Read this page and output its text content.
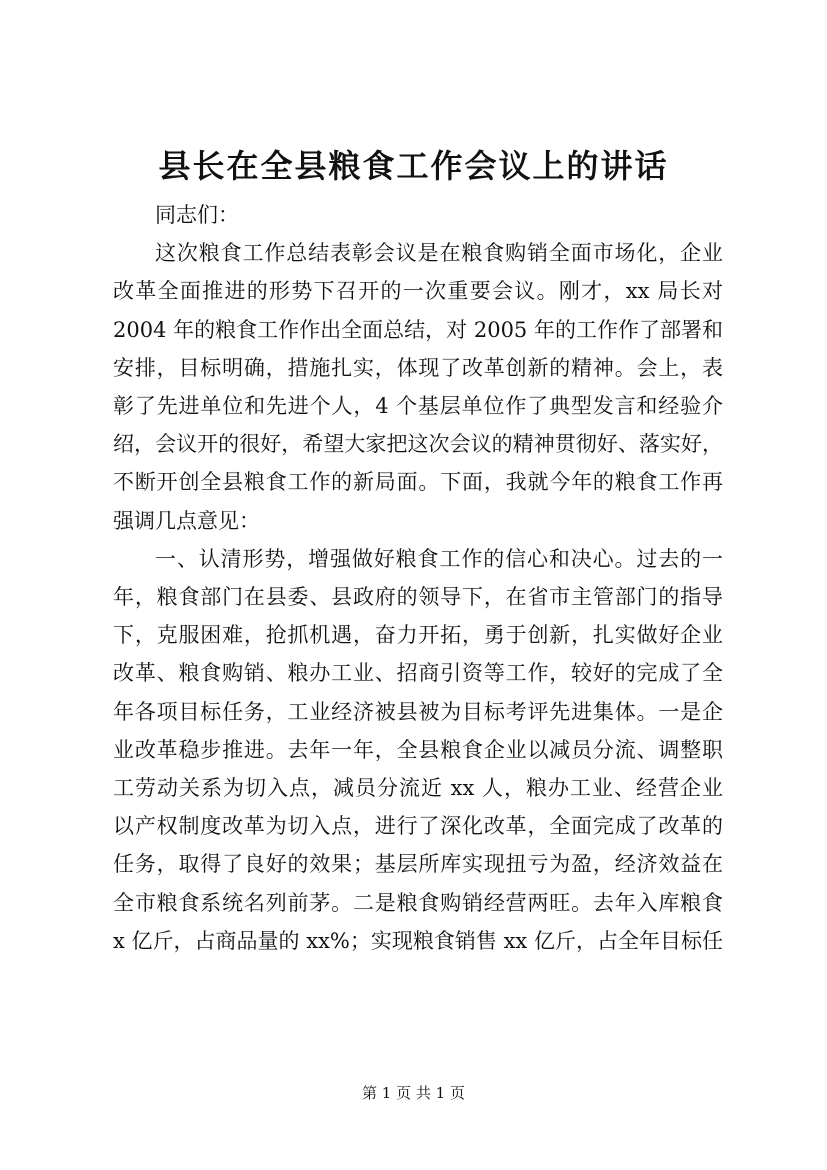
县长在全县粮食工作会议上的讲话

同志们：

这次粮食工作总结表彰会议是在粮食购销全面市场化，企业
改革全面推进的形势下召开的一次重要会议。刚才，xx 局长对
2004 年的粮食工作作出全面总结，对 2005 年的工作作了部署和
安排，目标明确，措施扎实，体现了改革创新的精神。会上，表
彰了先进单位和先进个人，4 个基层单位作了典型发言和经验介
绍，会议开的很好，希望大家把这次会议的精神贯彻好、落实好，
不断开创全县粮食工作的新局面。下面，我就今年的粮食工作再
强调几点意见：

一、认清形势，增强做好粮食工作的信心和决心。过去的一
年，粮食部门在县委、县政府的领导下，在省市主管部门的指导
下，克服困难，抢抓机遇，奋力开拓，勇于创新，扎实做好企业
改革、粮食购销、粮办工业、招商引资等工作，较好的完成了全
年各项目标任务，工业经济被县被为目标考评先进集体。一是企
业改革稳步推进。去年一年，全县粮食企业以减员分流、调整职
工劳动关系为切入点，减员分流近 xx 人，粮办工业、经营企业
以产权制度改革为切入点，进行了深化改革，全面完成了改革的
任务，取得了良好的效果；基层所库实现扭亏为盈，经济效益在
全市粮食系统名列前茅。二是粮食购销经营两旺。去年入库粮食
x 亿斤，占商品量的 xx%；实现粮食销售 xx 亿斤，占全年目标任

第 1 页 共 1 页
